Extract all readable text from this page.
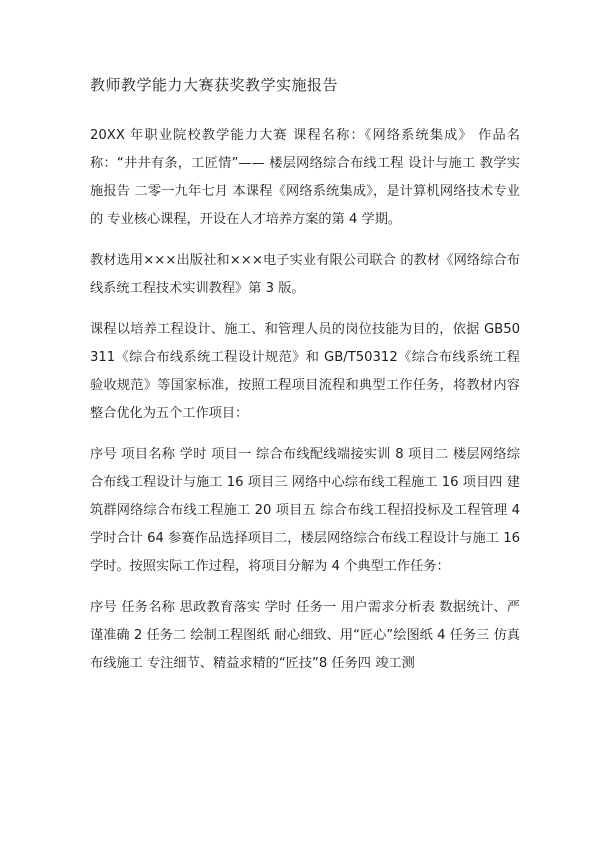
教师教学能力大赛获奖教学实施报告

20XX 年职业院校教学能力大赛 课程名称：《网络系统集成》 作品名称：“井井有条，工匠情”—— 楼层网络综合布线工程 设计与施工 教学实施报告 二零一九年七月 本课程《网络系统集成》，是计算机网络技术专业的 专业核心课程，开设在人才培养方案的第 4 学期。

教材选用×××出版社和×××电子实业有限公司联合 的教材《网络综合布线系统工程技术实训教程》第 3 版。

课程以培养工程设计、施工、和管理人员的岗位技能为目的，依据 GB50311《综合布线系统工程设计规范》和 GB/T50312《综合布线系统工程验收规范》等国家标准，按照工程项目流程和典型工作任务，将教材内容整合优化为五个工作项目：

序号 项目名称 学时 项目一 综合布线配线端接实训 8 项目二 楼层网络综合布线工程设计与施工 16 项目三 网络中心综布线工程施工 16 项目四 建筑群网络综合布线工程施工 20 项目五 综合布线工程招投标及工程管理 4 学时合计 64 参赛作品选择项目二，楼层网络综合布线工程设计与施工 16 学时。按照实际工作过程，将项目分解为 4 个典型工作任务：

序号 任务名称 思政教育落实 学时 任务一 用户需求分析表 数据统计、严谨准确 2 任务二 绘制工程图纸 耐心细致、用“匠心”绘图纸 4 任务三 仿真布线施工 专注细节、精益求精的“匠技”8 任务四 竣工测
